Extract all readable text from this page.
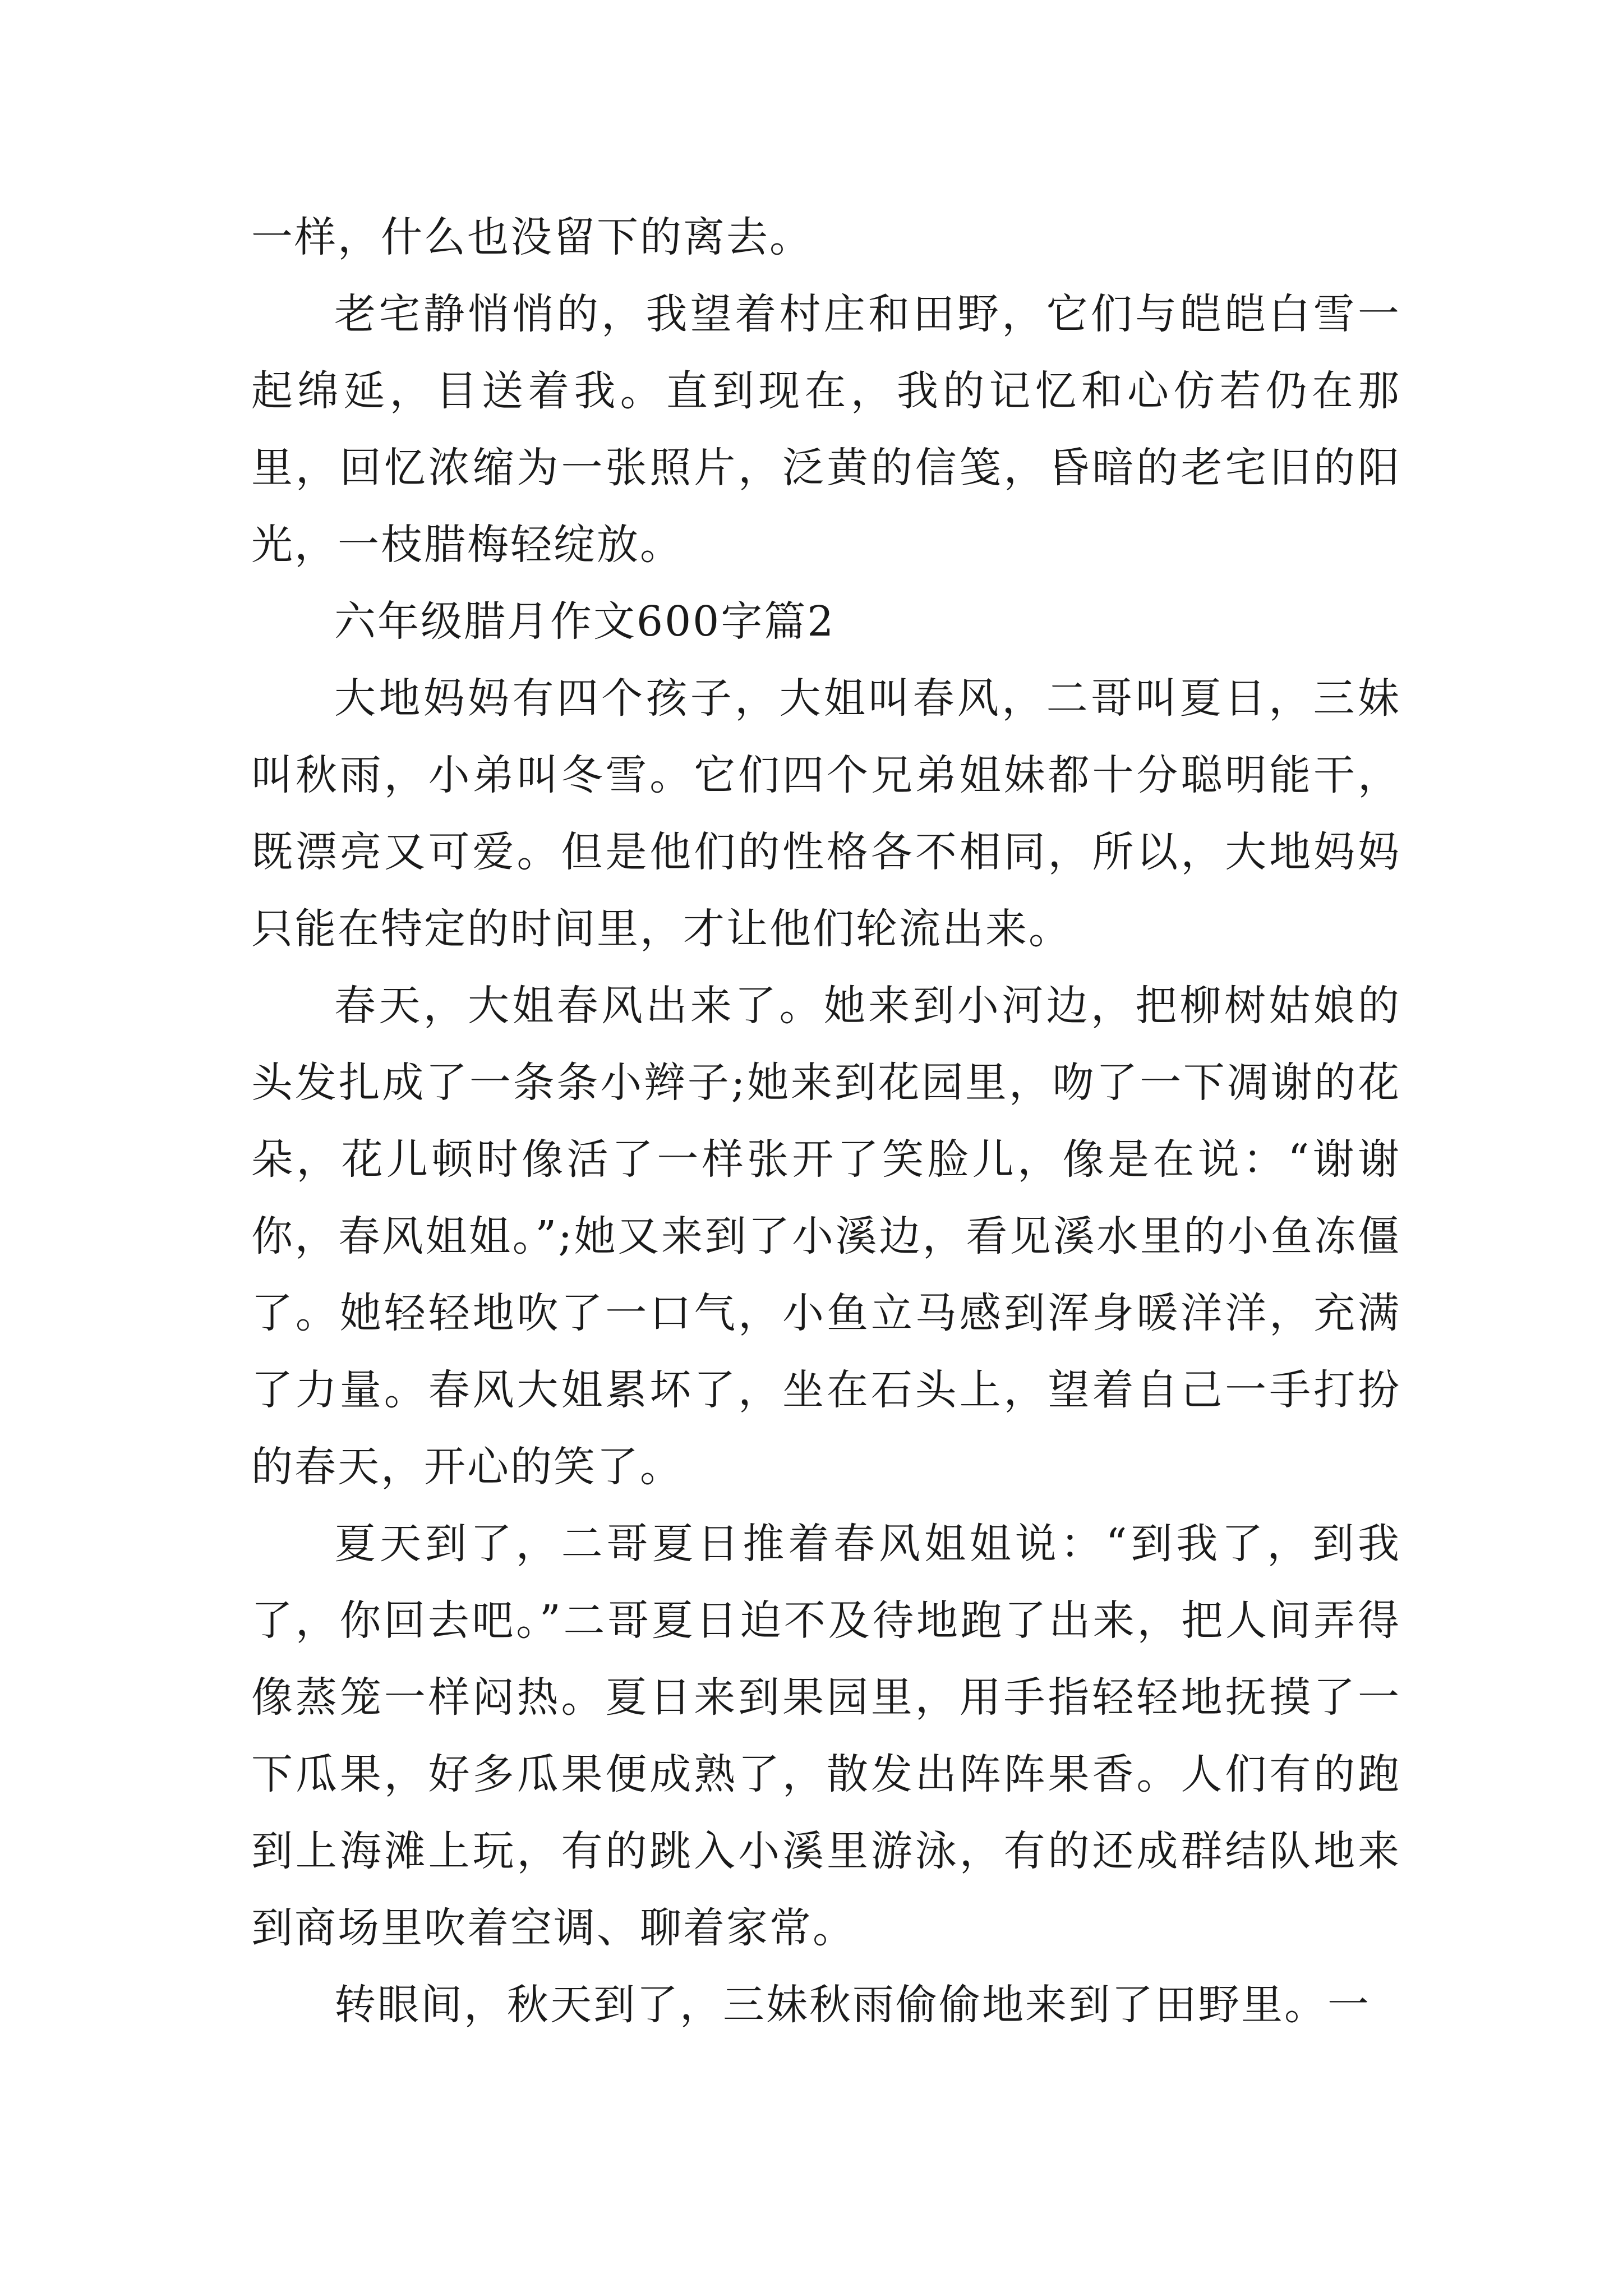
一样，什么也没留下的离去。

老宅静悄悄的，我望着村庄和田野，它们与皑皑白雪一起绵延，目送着我。直到现在，我的记忆和心仿若仍在那里，回忆浓缩为一张照片，泛黄的信笺，昏暗的老宅旧的阳光，一枝腊梅轻绽放。

六年级腊月作文600字篇2

大地妈妈有四个孩子，大姐叫春风，二哥叫夏日，三妹叫秋雨，小弟叫冬雪。它们四个兄弟姐妹都十分聪明能干，既漂亮又可爱。但是他们的性格各不相同，所以，大地妈妈只能在特定的时间里，才让他们轮流出来。

春天，大姐春风出来了。她来到小河边，把柳树姑娘的头发扎成了一条条小辫子;她来到花园里，吻了一下凋谢的花朵，花儿顿时像活了一样张开了笑脸儿，像是在说：“谢谢你，春风姐姐。”;她又来到了小溪边，看见溪水里的小鱼冻僵了。她轻轻地吹了一口气，小鱼立马感到浑身暖洋洋，充满了力量。春风大姐累坏了，坐在石头上，望着自己一手打扮的春天，开心的笑了。

夏天到了，二哥夏日推着春风姐姐说：“到我了，到我了，你回去吧。”二哥夏日迫不及待地跑了出来，把人间弄得像蒸笼一样闷热。夏日来到果园里，用手指轻轻地抚摸了一下瓜果，好多瓜果便成熟了，散发出阵阵果香。人们有的跑到上海滩上玩，有的跳入小溪里游泳，有的还成群结队地来到商场里吹着空调、聊着家常。

转眼间，秋天到了，三妹秋雨偷偷地来到了田野里。一
